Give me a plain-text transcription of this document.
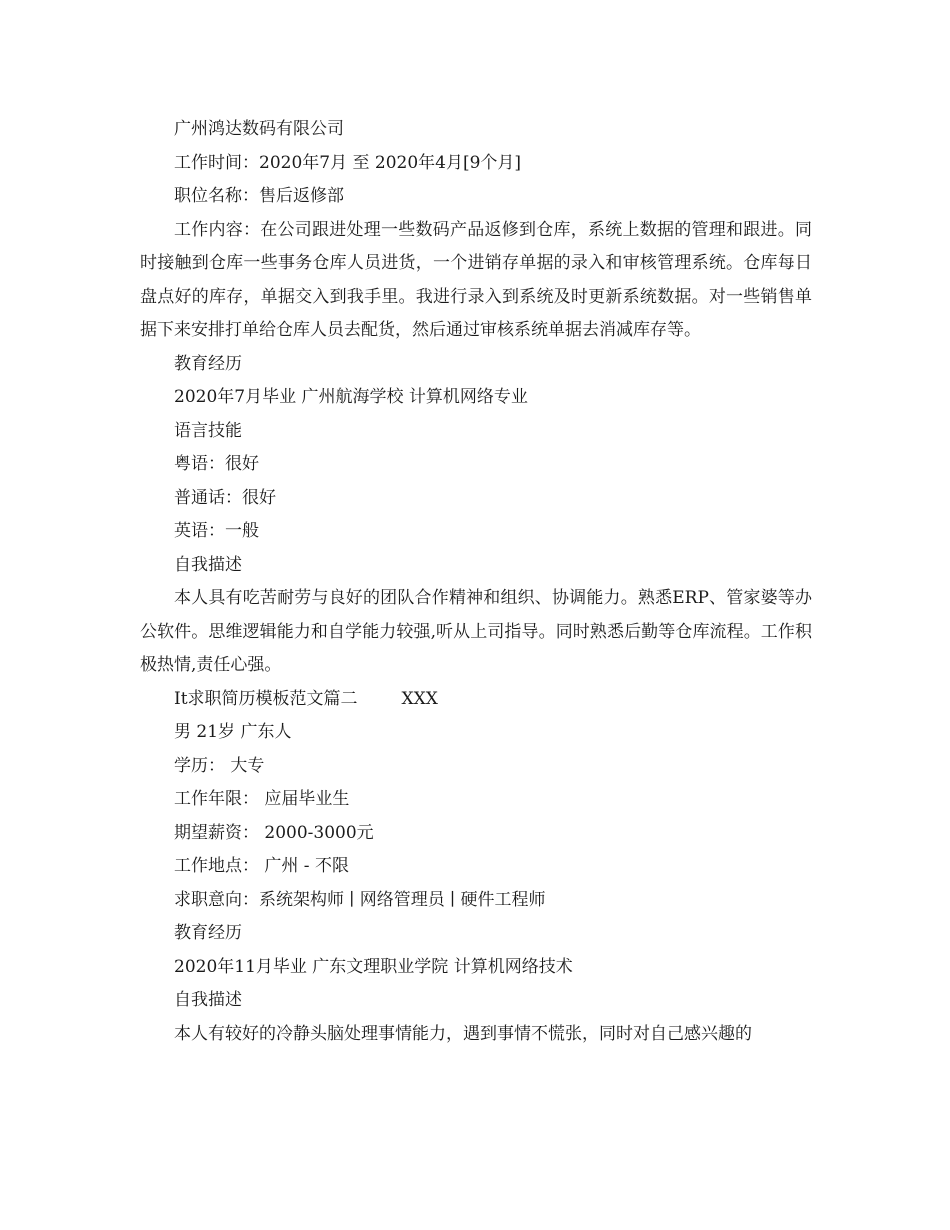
广州鸿达数码有限公司
工作时间：2020年7月 至 2020年4月[9个月]
职位名称：售后返修部
工作内容：在公司跟进处理一些数码产品返修到仓库，系统上数据的管理和跟进。同时接触到仓库一些事务仓库人员进货，一个进销存单据的录入和审核管理系统。仓库每日盘点好的库存，单据交入到我手里。我进行录入到系统及时更新系统数据。对一些销售单据下来安排打单给仓库人员去配货，然后通过审核系统单据去消减库存等。
教育经历
2020年7月毕业 广州航海学校 计算机网络专业
语言技能
粤语：很好
普通话：很好
英语：一般
自我描述
本人具有吃苦耐劳与良好的团队合作精神和组织、协调能力。熟悉ERP、管家婆等办公软件。思维逻辑能力和自学能力较强,听从上司指导。同时熟悉后勤等仓库流程。工作积极热情,责任心强。
It求职简历模板范文篇二	XXX
男 21岁 广东人
学历： 大专
工作年限： 应届毕业生
期望薪资： 2000-3000元
工作地点： 广州 - 不限
求职意向：系统架构师 ∣ 网络管理员 ∣ 硬件工程师
教育经历
2020年11月毕业 广东文理职业学院 计算机网络技术
自我描述
本人有较好的冷静头脑处理事情能力，遇到事情不慌张，同时对自己感兴趣的
